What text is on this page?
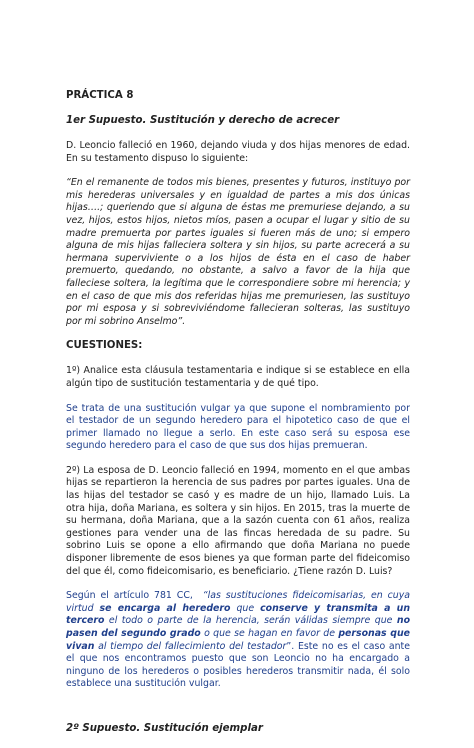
PRÁCTICA 8
1er Supuesto. Sustitución y derecho de acrecer

D. Leoncio falleció en 1960, dejando viuda y dos hijas menores de edad. En su testamento dispuso lo siguiente:

“En el remanente de todos mis bienes, presentes y futuros, instituyo por mis herederas universales y en igualdad de partes a mis dos únicas hijas….; queriendo que si alguna de éstas me premuriese dejando, a su vez, hijos, estos hijos, nietos míos, pasen a ocupar el lugar y sitio de su madre premuerta por partes iguales si fueren más de uno; si empero alguna de mis hijas falleciera soltera y sin hijos, su parte acrecerá a su hermana superviviente o a los hijos de ésta en el caso de haber premuerto, quedando, no obstante, a salvo a favor de la hija que falleciese soltera, la legítima que le correspondiere sobre mi herencia; y en el caso de que mis dos referidas hijas me premuriesen, las sustituyo por mi esposa y si sobreviviéndome fallecieran solteras, las sustituyo por mi sobrino Anselmo”.

CUESTIONES:

1º) Analice esta cláusula testamentaria e indique si se establece en ella algún tipo de sustitución testamentaria y de qué tipo.

Se trata de una sustitución vulgar ya que supone el nombramiento por el testador de un segundo heredero para el hipotetico caso de que el primer llamado no llegue a serlo. En este caso será su esposa ese segundo heredero para el caso de que sus dos hijas premueran.

2º) La esposa de D. Leoncio falleció en 1994, momento en el que ambas hijas se repartieron la herencia de sus padres por partes iguales. Una de las hijas del testador se casó y es madre de un hijo, llamado Luis. La otra hija, doña Mariana, es soltera y sin hijos. En 2015, tras la muerte de su hermana, doña Mariana, que a la sazón cuenta con 61 años, realiza gestiones para vender una de las fincas heredada de su padre. Su sobrino Luis se opone a ello afirmando que doña Mariana no puede disponer libremente de esos bienes ya que forman parte del fideicomiso del que él, como fideicomisario, es beneficiario. ¿Tiene razón D. Luis?

Según el artículo 781 CC, “las sustituciones fideicomisarias, en cuya virtud se encarga al heredero que conserve y transmita a un tercero el todo o parte de la herencia, serán válidas siempre que no pasen del segundo grado o que se hagan en favor de personas que vivan al tiempo del fallecimiento del testador”. Este no es el caso ante el que nos encontramos puesto que son Leoncio no ha encargado a ninguno de los herederos o posibles herederos transmitir nada, él solo establece una sustitución vulgar.

2º Supuesto. Sustitución ejemplar
